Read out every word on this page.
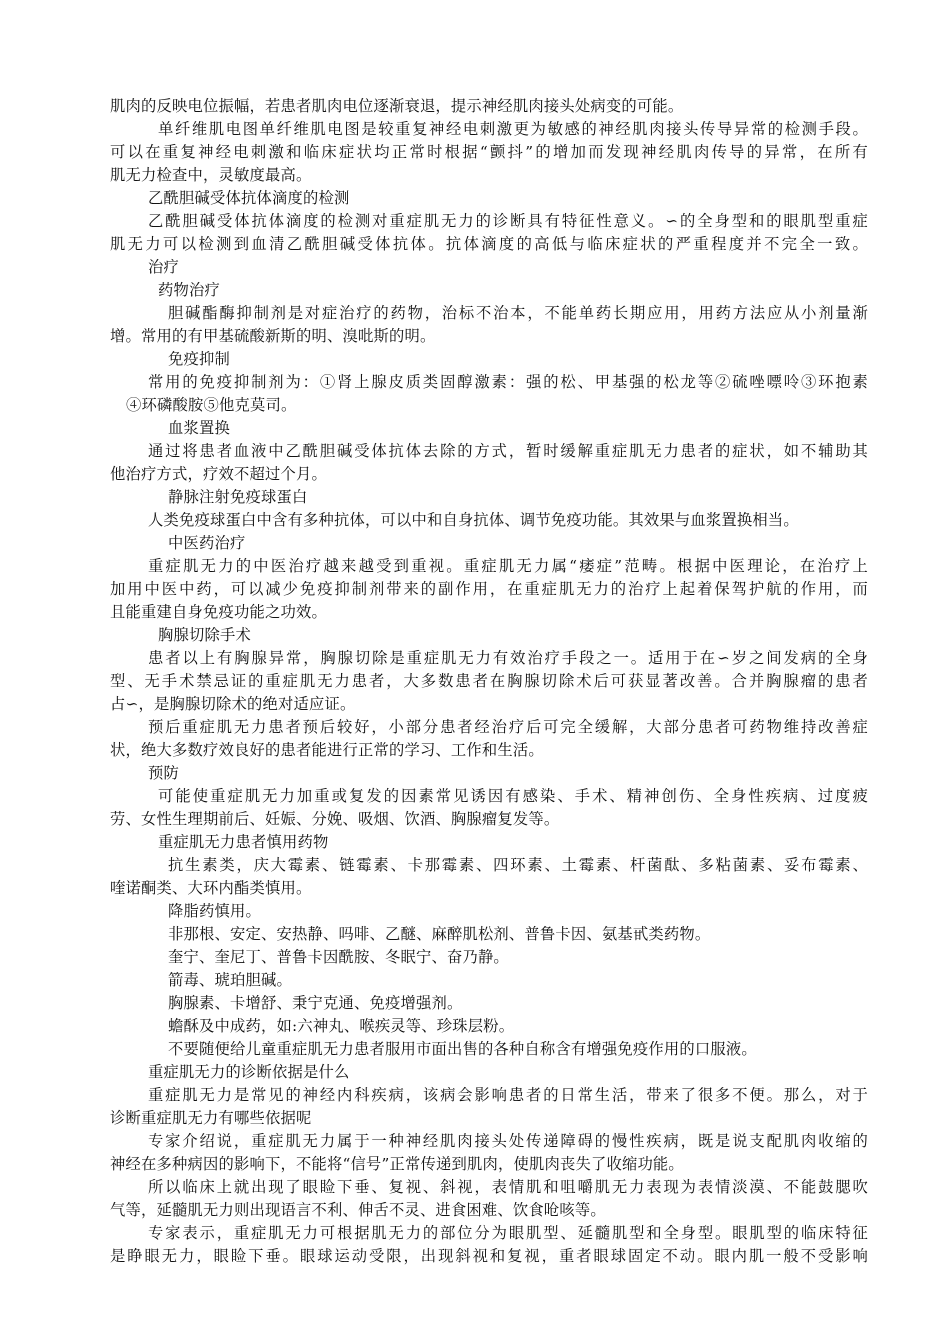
肌肉的反映电位振幅，若患者肌肉电位逐渐衰退，提示神经肌肉接头处病变的可能。
单纤维肌电图单纤维肌电图是较重复神经电刺激更为敏感的神经肌肉接头传导异常的检测手段。
可以在重复神经电刺激和临床症状均正常时根据“颤抖”的增加而发现神经肌肉传导的异常，在所有
肌无力检查中，灵敏度最高。
乙酰胆碱受体抗体滴度的检测
乙酰胆碱受体抗体滴度的检测对重症肌无力的诊断具有特征性意义。∽的全身型和的眼肌型重症
肌无力可以检测到血清乙酰胆碱受体抗体。抗体滴度的高低与临床症状的严重程度并不完全一致。
治疗
药物治疗
胆碱酯酶抑制剂是对症治疗的药物，治标不治本，不能单药长期应用，用药方法应从小剂量渐
增。常用的有甲基硫酸新斯的明、溴吡斯的明。
免疫抑制
常用的免疫抑制剂为：①肾上腺皮质类固醇激素：强的松、甲基强的松龙等②硫唑嘌呤③环抱素
④环磷酸胺⑤他克莫司。
血浆置换
通过将患者血液中乙酰胆碱受体抗体去除的方式，暂时缓解重症肌无力患者的症状，如不辅助其
他治疗方式，疗效不超过个月。
静脉注射免疫球蛋白
人类免疫球蛋白中含有多种抗体，可以中和自身抗体、调节免疫功能。其效果与血浆置换相当。
中医药治疗
重症肌无力的中医治疗越来越受到重视。重症肌无力属“痿症”范畴。根据中医理论，在治疗上
加用中医中药，可以减少免疫抑制剂带来的副作用，在重症肌无力的治疗上起着保驾护航的作用，而
且能重建自身免疫功能之功效。
胸腺切除手术
患者以上有胸腺异常，胸腺切除是重症肌无力有效治疗手段之一。适用于在∽岁之间发病的全身
型、无手术禁忌证的重症肌无力患者，大多数患者在胸腺切除术后可获显著改善。合并胸腺瘤的患者
占∽，是胸腺切除术的绝对适应证。
预后重症肌无力患者预后较好，小部分患者经治疗后可完全缓解，大部分患者可药物维持改善症
状，绝大多数疗效良好的患者能进行正常的学习、工作和生活。
预防
可能使重症肌无力加重或复发的因素常见诱因有感染、手术、精神创伤、全身性疾病、过度疲
劳、女性生理期前后、妊娠、分娩、吸烟、饮酒、胸腺瘤复发等。
重症肌无力患者慎用药物
抗生素类，庆大霉素、链霉素、卡那霉素、四环素、土霉素、杆菌酞、多粘菌素、妥布霉素、
喹诺酮类、大环内酯类慎用。
降脂药慎用。
非那根、安定、安热静、吗啡、乙醚、麻醉肌松剂、普鲁卡因、氨基甙类药物。
奎宁、奎尼丁、普鲁卡因酰胺、冬眠宁、奋乃静。
箭毒、琥珀胆碱。
胸腺素、卡增舒、秉宁克通、免疫增强剂。
蟾酥及中成药，如:六神丸、喉疾灵等、珍珠层粉。
不要随便给儿童重症肌无力患者服用市面出售的各种自称含有增强免疫作用的口服液。
重症肌无力的诊断依据是什么
重症肌无力是常见的神经内科疾病，该病会影响患者的日常生活，带来了很多不便。那么，对于
诊断重症肌无力有哪些依据呢
专家介绍说，重症肌无力属于一种神经肌肉接头处传递障碍的慢性疾病，既是说支配肌肉收缩的
神经在多种病因的影响下，不能将“信号”正常传递到肌肉，使肌肉丧失了收缩功能。
所以临床上就出现了眼睑下垂、复视、斜视，表情肌和咀嚼肌无力表现为表情淡漠、不能鼓腮吹
气等，延髓肌无力则出现语言不利、伸舌不灵、进食困难、饮食呛咳等。
专家表示，重症肌无力可根据肌无力的部位分为眼肌型、延髓肌型和全身型。眼肌型的临床特征
是睁眼无力，眼睑下垂。眼球运动受限，出现斜视和复视，重者眼球固定不动。眼内肌一般不受影响
